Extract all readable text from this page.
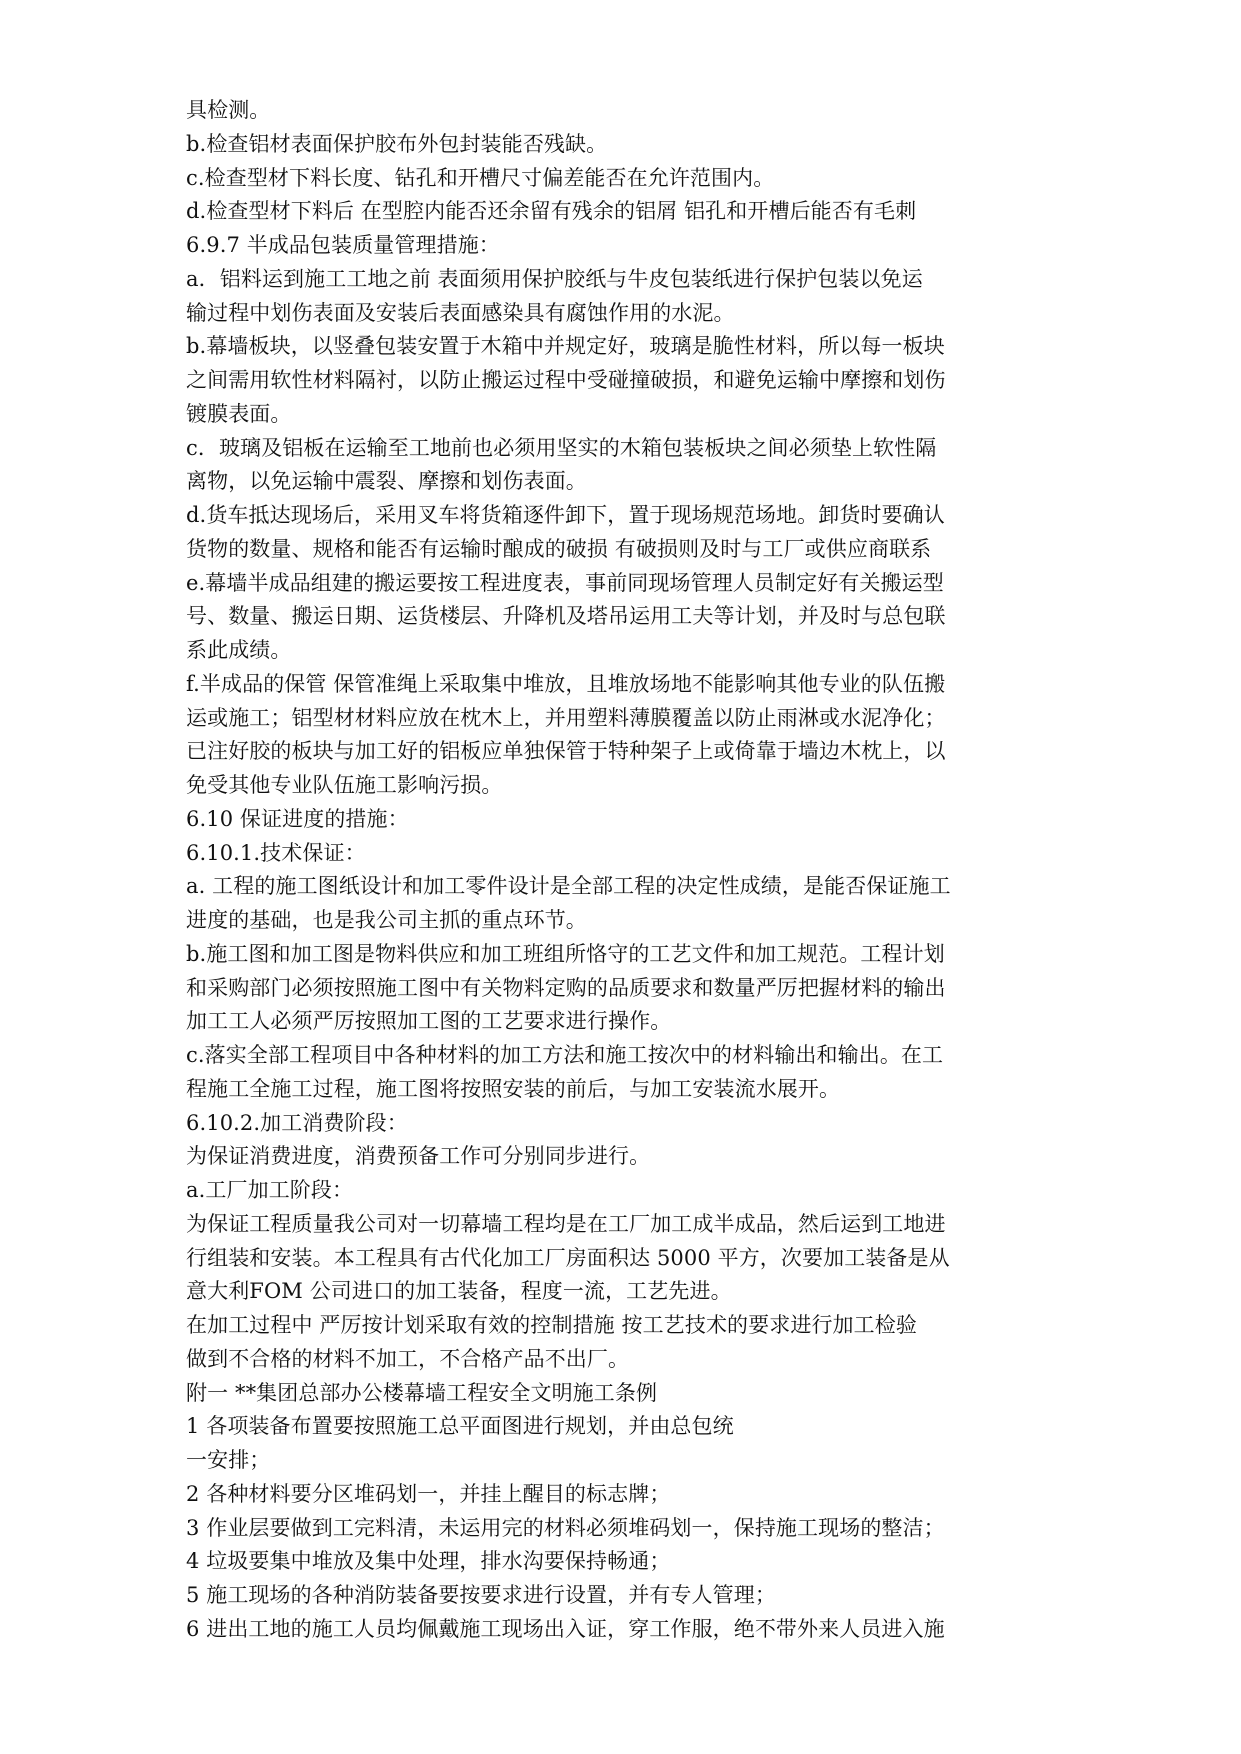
具检测。
b.检查铝材表面保护胶布外包封装能否残缺。
c.检查型材下料长度、钻孔和开槽尺寸偏差能否在允许范围内。
d.检查型材下料后 在型腔内能否还余留有残余的铝屑 铝孔和开槽后能否有毛刺
6.9.7 半成品包装质量管理措施：
a．铝料运到施工工地之前 表面须用保护胶纸与牛皮包装纸进行保护包装以免运
输过程中划伤表面及安装后表面感染具有腐蚀作用的水泥。
b.幕墙板块，以竖叠包装安置于木箱中并规定好，玻璃是脆性材料，所以每一板块
之间需用软性材料隔衬，以防止搬运过程中受碰撞破损，和避免运输中摩擦和划伤
镀膜表面。
c．玻璃及铝板在运输至工地前也必须用坚实的木箱包装板块之间必须垫上软性隔
离物，以免运输中震裂、摩擦和划伤表面。
d.货车抵达现场后，采用叉车将货箱逐件卸下，置于现场规范场地。卸货时要确认
货物的数量、规格和能否有运输时酿成的破损 有破损则及时与工厂或供应商联系
e.幕墙半成品组建的搬运要按工程进度表，事前同现场管理人员制定好有关搬运型
号、数量、搬运日期、运货楼层、升降机及塔吊运用工夫等计划，并及时与总包联
系此成绩。
f.半成品的保管 保管准绳上采取集中堆放，且堆放场地不能影响其他专业的队伍搬
运或施工；铝型材材料应放在枕木上，并用塑料薄膜覆盖以防止雨淋或水泥净化；
已注好胶的板块与加工好的铝板应单独保管于特种架子上或倚靠于墙边木枕上，以
免受其他专业队伍施工影响污损。
6.10 保证进度的措施：
6.10.1.技术保证：
a. 工程的施工图纸设计和加工零件设计是全部工程的决定性成绩，是能否保证施工
进度的基础，也是我公司主抓的重点环节。
b.施工图和加工图是物料供应和加工班组所恪守的工艺文件和加工规范。工程计划
和采购部门必须按照施工图中有关物料定购的品质要求和数量严厉把握材料的输出
加工工人必须严厉按照加工图的工艺要求进行操作。
c.落实全部工程项目中各种材料的加工方法和施工按次中的材料输出和输出。在工
程施工全施工过程，施工图将按照安装的前后，与加工安装流水展开。
6.10.2.加工消费阶段：
为保证消费进度，消费预备工作可分别同步进行。
a.工厂加工阶段：
为保证工程质量我公司对一切幕墙工程均是在工厂加工成半成品，然后运到工地进
行组装和安装。本工程具有古代化加工厂房面积达 5000 平方，次要加工装备是从
意大利FOM 公司进口的加工装备，程度一流，工艺先进。
在加工过程中 严厉按计划采取有效的控制措施 按工艺技术的要求进行加工检验
做到不合格的材料不加工，不合格产品不出厂。
附一 **集团总部办公楼幕墙工程安全文明施工条例
1 各项装备布置要按照施工总平面图进行规划，并由总包统
一安排；
2 各种材料要分区堆码划一，并挂上醒目的标志牌；
3 作业层要做到工完料清，未运用完的材料必须堆码划一，保持施工现场的整洁；
4 垃圾要集中堆放及集中处理，排水沟要保持畅通；
5 施工现场的各种消防装备要按要求进行设置，并有专人管理；
6 进出工地的施工人员均佩戴施工现场出入证，穿工作服，绝不带外来人员进入施
